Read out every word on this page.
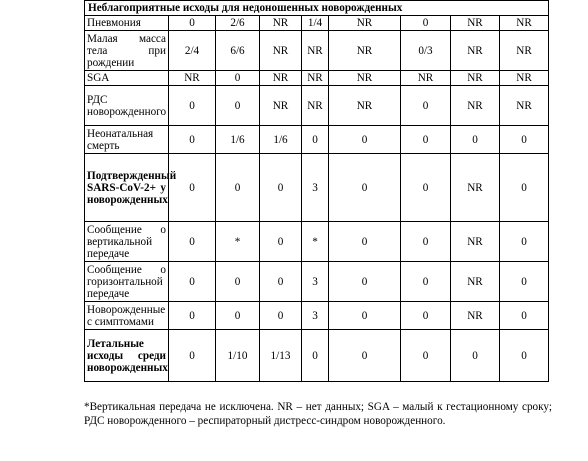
Неблагоприятные исходы для недоношенных новорожденных								
Пневмония	0	2/6	NR	1/4	NR	0	NR	NR
Малая масса тела при рождении	2/4	6/6	NR	NR	NR	0/3	NR	NR
SGA	NR	0	NR	NR	NR	NR	NR	NR
РДС новорожденного	0	0	NR	NR	NR	0	NR	NR
Неонатальная смерть	0	1/6	1/6	0	0	0	0	0
Подтвержденный SARS-CoV-2+ у новорожденных	0	0	0	3	0	0	NR	0
Сообщение о вертикальной передаче	0	*	0	*	0	0	NR	0
Сообщение о горизонтальной передаче	0	0	0	3	0	0	NR	0
Новорожденные с симптомами	0	0	0	3	0	0	NR	0
Летальные исходы среди новорожденных	0	1/10	1/13	0	0	0	0	0

*Вертикальная передача не исключена. NR – нет данных; SGA – малый к гестационному сроку; РДС новорожденного – респираторный дистресс-синдром новорожденного.
